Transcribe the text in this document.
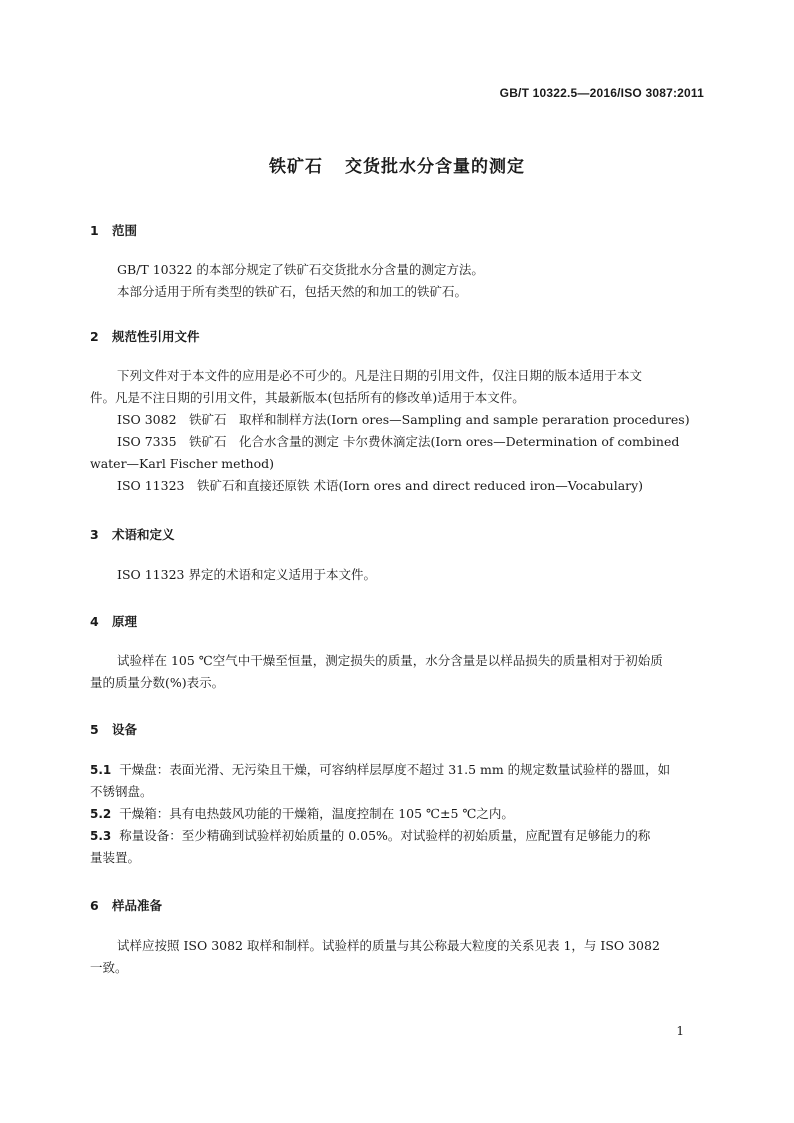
GB/T 10322.5—2016/ISO 3087:2011
铁矿石 交货批水分含量的测定
1 范围
GB/T 10322 的本部分规定了铁矿石交货批水分含量的测定方法。
本部分适用于所有类型的铁矿石，包括天然的和加工的铁矿石。
2 规范性引用文件
下列文件对于本文件的应用是必不可少的。凡是注日期的引用文件，仅注日期的版本适用于本文
件。凡是不注日期的引用文件，其最新版本(包括所有的修改单)适用于本文件。
ISO 3082　铁矿石　取样和制样方法(Iorn ores—Sampling and sample peraration procedures)
ISO 7335　铁矿石　化合水含量的测定 卡尔费休滴定法(Iorn ores—Determination of combined
water—Karl Fischer method)
ISO 11323　铁矿石和直接还原铁 术语(Iorn ores and direct reduced iron—Vocabulary)
3 术语和定义
ISO 11323 界定的术语和定义适用于本文件。
4 原理
试验样在 105 ℃空气中干燥至恒量，测定损失的质量，水分含量是以样品损失的质量相对于初始质
量的质量分数(%)表示。
5 设备
5.1 干燥盘：表面光滑、无污染且干燥，可容纳样层厚度不超过 31.5 mm 的规定数量试验样的器皿，如
不锈钢盘。
5.2 干燥箱：具有电热鼓风功能的干燥箱，温度控制在 105 ℃±5 ℃之内。
5.3 称量设备：至少精确到试验样初始质量的 0.05%。对试验样的初始质量，应配置有足够能力的称
量装置。
6 样品准备
试样应按照 ISO 3082 取样和制样。试验样的质量与其公称最大粒度的关系见表 1，与 ISO 3082
一致。
1
